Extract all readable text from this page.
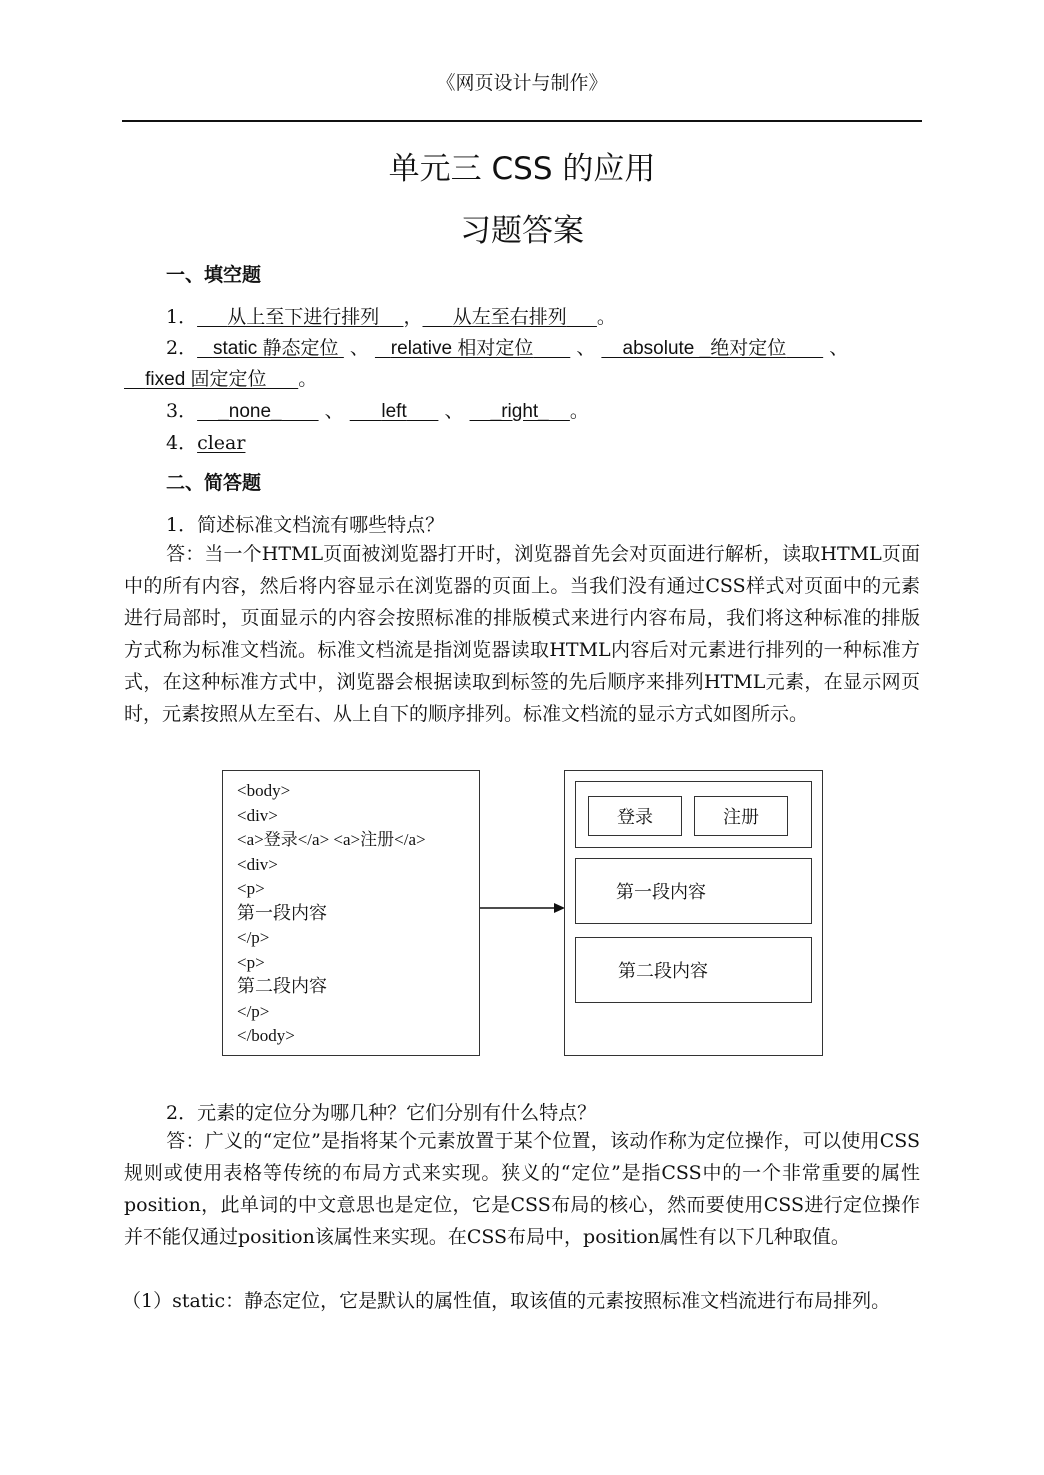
《网页设计与制作》
单元三 CSS 的应用
习题答案
一、填空题
1． 从上至下进行排列 ， 从左至右排列 。
2． static 静态定位 、 relative 相对定位 、 absolute _绝对定位 、
fixed 固定定位 。
3． _none_ 、 left 、 _right_ 。
4．clear
二、简答题
1．简述标准文档流有哪些特点？
答：当一个HTML页面被浏览器打开时，浏览器首先会对页面进行解析，读取HTML页面中的所有内容，然后将内容显示在浏览器的页面上。当我们没有通过CSS样式对页面中的元素进行局部时，页面显示的内容会按照标准的排版模式来进行内容布局，我们将这种标准的排版方式称为标准文档流。标准文档流是指浏览器读取HTML内容后对元素进行排列的一种标准方式，在这种标准方式中，浏览器会根据读取到标签的先后顺序来排列HTML元素，在显示网页时，元素按照从左至右、从上自下的顺序排列。标准文档流的显示方式如图所示。
<body>
<div>
<a>登录</a> <a>注册</a>
<div>
<p>
第一段内容
</p>
<p>
第二段内容
</p>
</body>
登录	注册
第一段内容
第二段内容
2．元素的定位分为哪几种？它们分别有什么特点？
答：广义的“定位”是指将某个元素放置于某个位置，该动作称为定位操作，可以使用CSS规则或使用表格等传统的布局方式来实现。狭义的“定位”是指CSS中的一个非常重要的属性position，此单词的中文意思也是定位，它是CSS布局的核心，然而要使用CSS进行定位操作并不能仅通过position该属性来实现。在CSS布局中，position属性有以下几种取值。
（1）static：静态定位，它是默认的属性值，取该值的元素按照标准文档流进行布局排列。
